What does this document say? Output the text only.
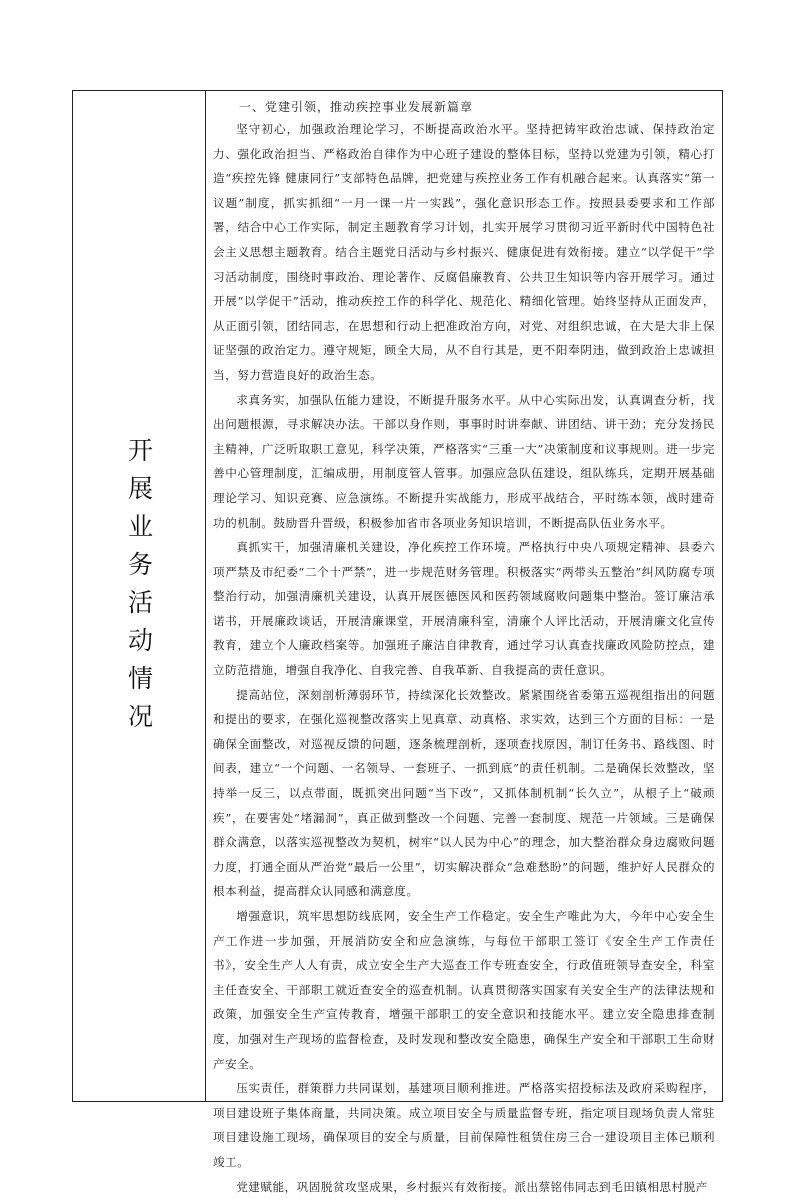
开展业务活动情况

一、党建引领，推动疾控事业发展新篇章

坚守初心，加强政治理论学习，不断提高政治水平。坚持把铸牢政治忠诚、保持政治定力、强化政治担当、严格政治自律作为中心班子建设的整体目标，坚持以党建为引领，精心打造“疾控先锋 健康同行”支部特色品牌，把党建与疾控业务工作有机融合起来。认真落实“第一议题”制度，抓实抓细“一月一课一片一实践”，强化意识形态工作。按照县委要求和工作部署，结合中心工作实际，制定主题教育学习计划，扎实开展学习贯彻习近平新时代中国特色社会主义思想主题教育。结合主题党日活动与乡村振兴、健康促进有效衔接。建立“以学促干”学习活动制度，围绕时事政治、理论著作、反腐倡廉教育、公共卫生知识等内容开展学习。通过开展“以学促干”活动，推动疾控工作的科学化、规范化、精细化管理。始终坚持从正面发声，从正面引领，团结同志，在思想和行动上把准政治方向，对党、对组织忠诚，在大是大非上保证坚强的政治定力。遵守规矩，顾全大局，从不自行其是，更不阳奉阴违，做到政治上忠诚担当，努力营造良好的政治生态。

求真务实，加强队伍能力建设，不断提升服务水平。从中心实际出发，认真调查分析，找出问题根源，寻求解决办法。干部以身作则，事事时时讲奉献、讲团结、讲干劲；充分发扬民主精神，广泛听取职工意见，科学决策，严格落实“三重一大”决策制度和议事规则。进一步完善中心管理制度，汇编成册，用制度管人管事。加强应急队伍建设，组队练兵，定期开展基础理论学习、知识竞赛、应急演练。不断提升实战能力，形成平战结合，平时练本领，战时建奇功的机制。鼓励晋升晋级，积极参加省市各项业务知识培训，不断提高队伍业务水平。

真抓实干，加强清廉机关建设，净化疾控工作环境。严格执行中央八项规定精神、县委六项严禁及市纪委“二个十严禁”，进一步规范财务管理。积极落实“两带头五整治”纠风防腐专项整治行动，加强清廉机关建设，认真开展医德医风和医药领域腐败问题集中整治。签订廉洁承诺书，开展廉政谈话，开展清廉课堂，开展清廉科室，清廉个人评比活动，开展清廉文化宣传教育，建立个人廉政档案等。加强班子廉洁自律教育，通过学习认真查找廉政风险防控点，建立防范措施，增强自我净化、自我完善、自我革新、自我提高的责任意识。

提高站位，深刻剖析薄弱环节，持续深化长效整改。紧紧围绕省委第五巡视组指出的问题和提出的要求，在强化巡视整改落实上见真章、动真格、求实效，达到三个方面的目标：一是确保全面整改，对巡视反馈的问题，逐条梳理剖析，逐项查找原因，制订任务书、路线图、时间表，建立“一个问题、一名领导、一套班子、一抓到底”的责任机制。二是确保长效整改，坚持举一反三，以点带面，既抓突出问题“当下改”，又抓体制机制“长久立”，从根子上“破顽疾”，在要害处“堵漏洞”，真正做到整改一个问题、完善一套制度、规范一片领域。三是确保群众满意，以落实巡视整改为契机，树牢“以人民为中心”的理念，加大整治群众身边腐败问题力度，打通全面从严治党“最后一公里”，切实解决群众“急难愁盼”的问题，维护好人民群众的根本利益，提高群众认同感和满意度。

增强意识，筑牢思想防线底网，安全生产工作稳定。安全生产唯此为大，今年中心安全生产工作进一步加强，开展消防安全和应急演练，与每位干部职工签订《安全生产工作责任书》，安全生产人人有责，成立安全生产大巡查工作专班查安全，行政值班领导查安全，科室主任查安全、干部职工就近查安全的巡查机制。认真贯彻落实国家有关安全生产的法律法规和政策，加强安全生产宣传教育，增强干部职工的安全意识和技能水平。建立安全隐患排查制度，加强对生产现场的监督检查，及时发现和整改安全隐患，确保生产安全和干部职工生命财产安全。

压实责任，群策群力共同谋划，基建项目顺利推进。严格落实招投标法及政府采购程序，项目建设班子集体商量，共同决策。成立项目安全与质量监督专班，指定项目现场负责人常驻项目建设施工现场，确保项目的安全与质量，目前保障性租赁住房三合一建设项目主体已顺利竣工。

党建赋能，巩固脱贫攻坚成果，乡村振兴有效衔接。派出蔡铭伟同志到毛田镇相思村脱产
